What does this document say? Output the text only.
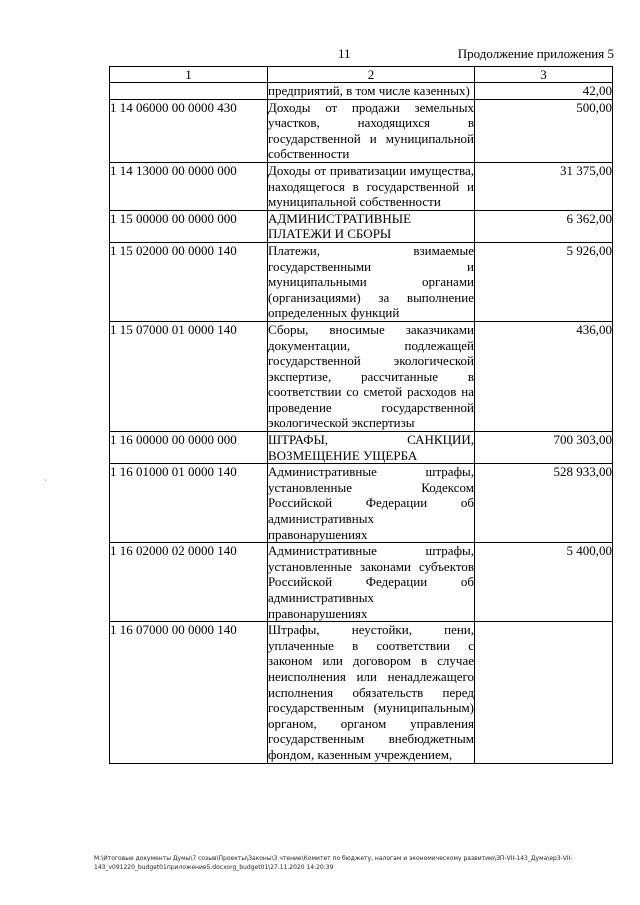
11	Продолжение приложения 5
`
1	2	3
	предприятий, в том числе казенных)	42,00
1 14 06000 00 0000 430	Доходы от продажи земельных участков, находящихся в государственной и муниципальной собственности	500,00
1 14 13000 00 0000 000	Доходы от приватизации имущества, находящегося в государственной и муниципальной собственности	31 375,00
1 15 00000 00 0000 000	АДМИНИСТРАТИВНЫЕ ПЛАТЕЖИ И СБОРЫ	6 362,00
1 15 02000 00 0000 140	Платежи, взимаемые государственными и муниципальными органами (организациями) за выполнение определенных функций	5 926,00
1 15 07000 01 0000 140	Сборы, вносимые заказчиками документации, подлежащей государственной экологической экспертизе, рассчитанные в соответствии со сметой расходов на проведение государственной экологической экспертизы	436,00
1 16 00000 00 0000 000	ШТРАФЫ, САНКЦИИ, ВОЗМЕЩЕНИЕ УЩЕРБА	700 303,00
1 16 01000 01 0000 140	Административные штрафы, установленные Кодексом Российской Федерации об административных правонарушениях	528 933,00
1 16 02000 02 0000 140	Административные штрафы, установленные законами субъектов Российской Федерации об административных правонарушениях	5 400,00
1 16 07000 00 0000 140	Штрафы, неустойки, пени, уплаченные в соответствии с законом или договором в случае неисполнения или ненадлежащего исполнения обязательств перед государственным (муниципальным) органом, органом управления государственным внебюджетным фондом, казенным учреждением,	
М:\Итоговые документы Думы\7 созыв\Проекты\Законы\3 чтение\Комитет по бюджету, налогам и экономическому развитию\ЗП-VII-143_Дума\ер3-VII-
143_v091220_budget01приложение5.docxorg_budget01\27.11.2020 14:20:39
